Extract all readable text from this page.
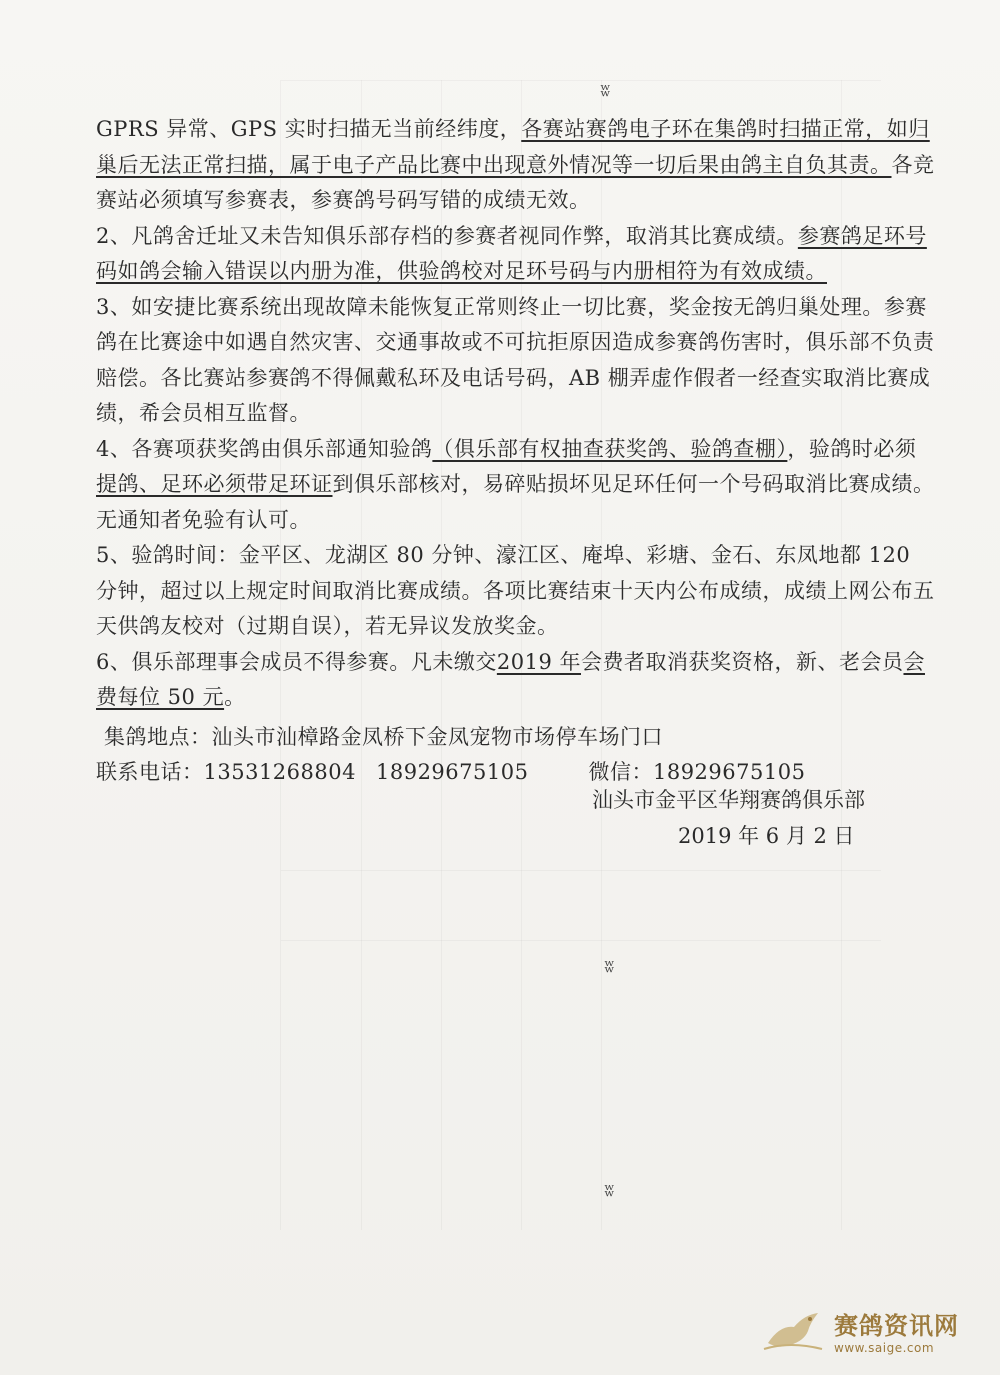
ʬ
ʬ
ʬ

GPRS 异常、GPS 实时扫描无当前经纬度，各赛站赛鸽电子环在集鸽时扫描正常，如归巢后无法正常扫描，属于电子产品比赛中出现意外情况等一切后果由鸽主自负其责。各竞赛站必须填写参赛表，参赛鸽号码写错的成绩无效。

2、凡鸽舍迁址又未告知俱乐部存档的参赛者视同作弊，取消其比赛成绩。参赛鸽足环号码如鸽会输入错误以内册为准，供验鸽校对足环号码与内册相符为有效成绩。

3、如安捷比赛系统出现故障未能恢复正常则终止一切比赛，奖金按无鸽归巢处理。参赛鸽在比赛途中如遇自然灾害、交通事故或不可抗拒原因造成参赛鸽伤害时，俱乐部不负责赔偿。各比赛站参赛鸽不得佩戴私环及电话号码，AB 棚弄虚作假者一经查实取消比赛成绩，希会员相互监督。

4、各赛项获奖鸽由俱乐部通知验鸽（俱乐部有权抽查获奖鸽、验鸽查棚），验鸽时必须提鸽、足环必须带足环证到俱乐部核对，易碎贴损坏见足环任何一个号码取消比赛成绩。无通知者免验有认可。

5、验鸽时间：金平区、龙湖区 80 分钟、濠江区、庵埠、彩塘、金石、东凤地都 120 分钟，超过以上规定时间取消比赛成绩。各项比赛结束十天内公布成绩，成绩上网公布五天供鸽友校对（过期自误），若无异议发放奖金。

6、俱乐部理事会成员不得参赛。凡未缴交2019 年会费者取消获奖资格，新、老会员会费每位 50 元。

集鸽地点：汕头市汕樟路金凤桥下金凤宠物市场停车场门口
联系电话：13531268804 18929675105	微信：18929675105
汕头市金平区华翔赛鸽俱乐部
2019 年 6 月 2 日
赛鸽资讯网
www.saige.com
